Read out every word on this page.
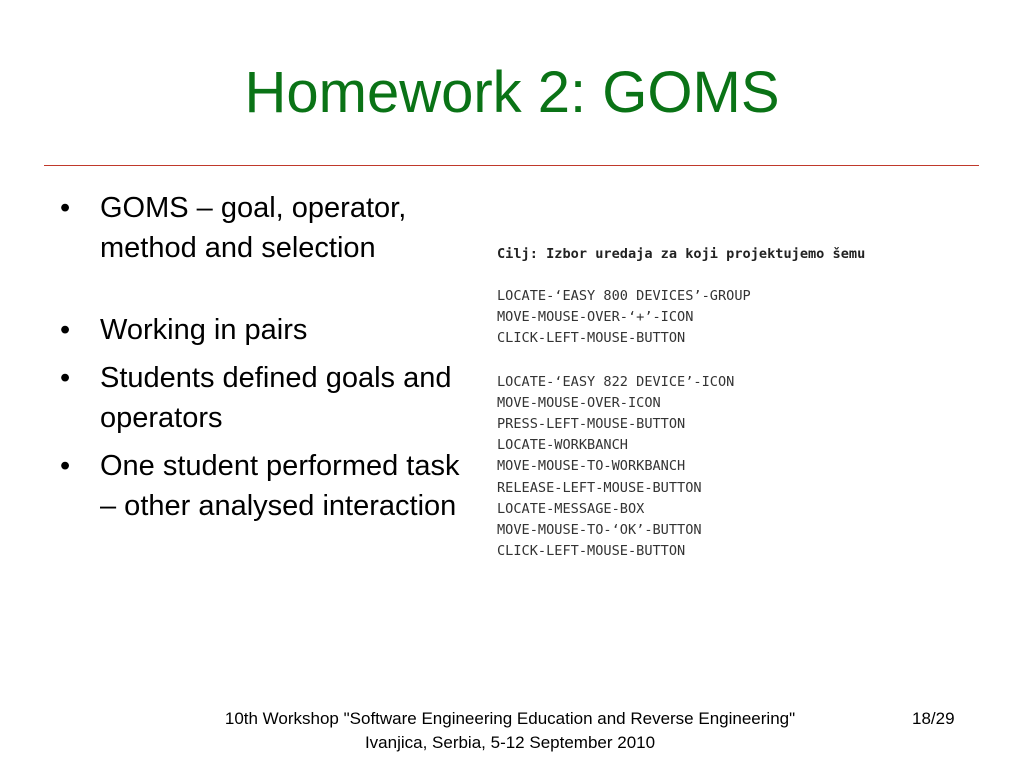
Homework 2: GOMS
•	GOMS – goal, operator, method and selection
•	Working in pairs
•	Students defined goals and operators
•	One student performed task – other analysed interaction
Cilj: Izbor uredaja za koji projektujemo šemu
LOCATE-‘EASY 800 DEVICES’-GROUP
MOVE-MOUSE-OVER-‘+’-ICON
CLICK-LEFT-MOUSE-BUTTON
LOCATE-‘EASY 822 DEVICE’-ICON
MOVE-MOUSE-OVER-ICON
PRESS-LEFT-MOUSE-BUTTON
LOCATE-WORKBANCH
MOVE-MOUSE-TO-WORKBANCH
RELEASE-LEFT-MOUSE-BUTTON
LOCATE-MESSAGE-BOX
MOVE-MOUSE-TO-‘OK’-BUTTON
CLICK-LEFT-MOUSE-BUTTON
10th Workshop "Software Engineering Education and Reverse Engineering"
Ivanjica, Serbia, 5-12 September 2010
18/29
